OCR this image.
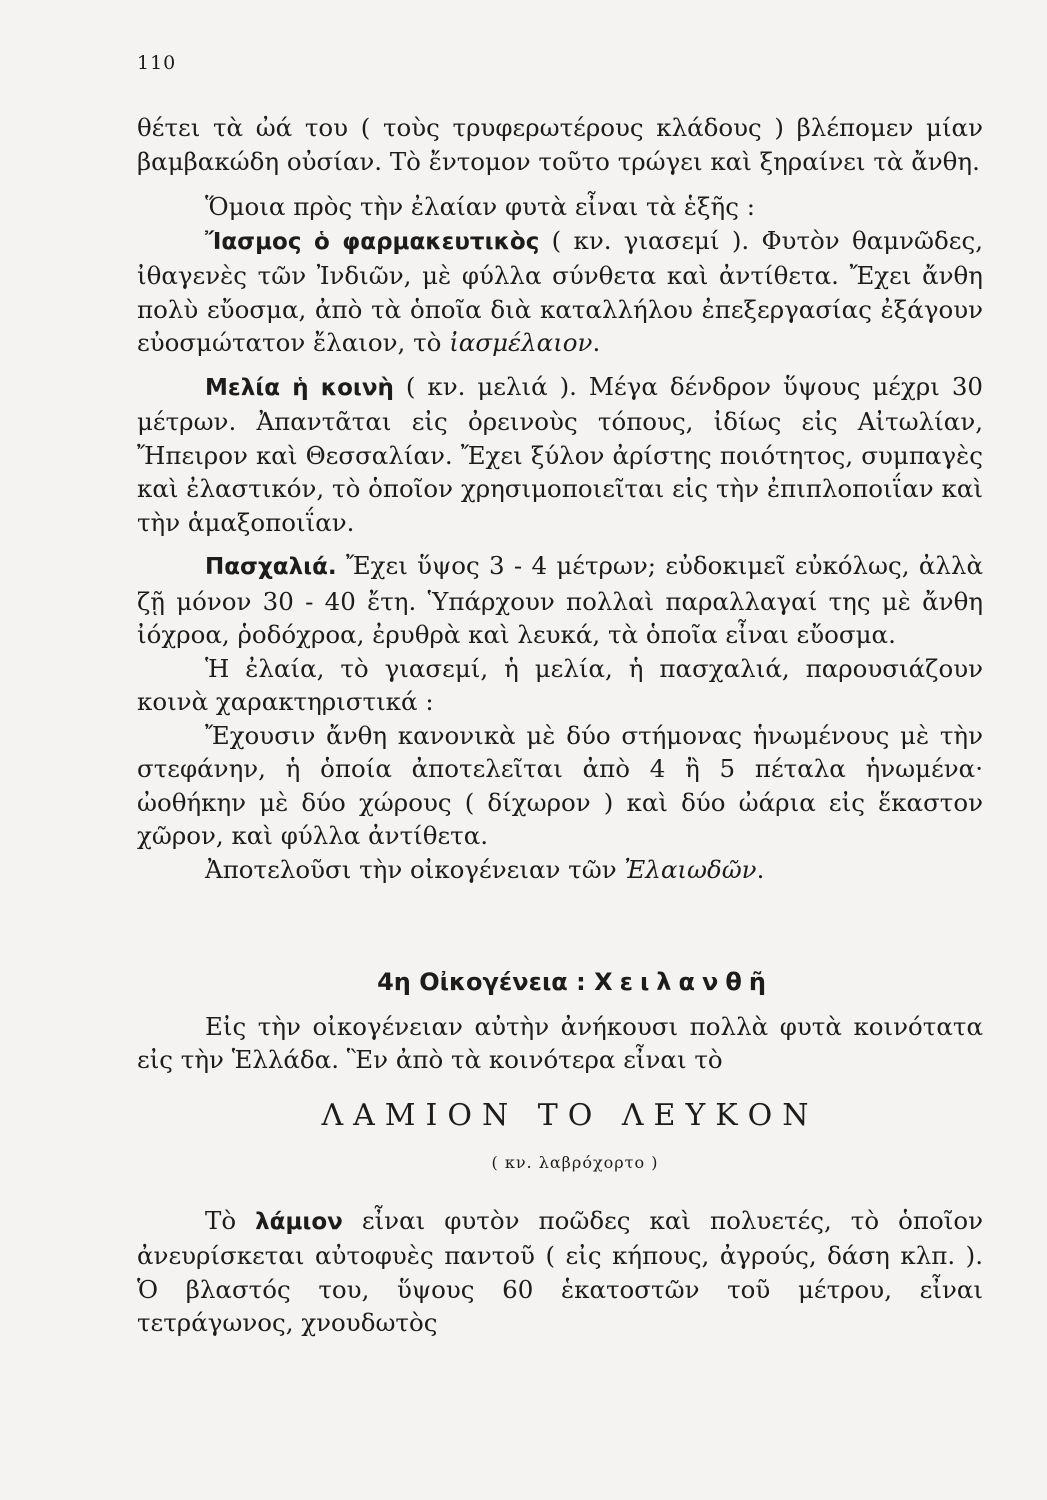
110

θέτει τὰ ὠά του ( τοὺς τρυφερωτέρους κλάδους ) βλέπομεν μίαν βαμβακώδη οὐσίαν. Τὸ ἔντομον τοῦτο τρώγει καὶ ξηραίνει τὰ ἄνθη.

Ὅμοια πρὸς τὴν ἐλαίαν φυτὰ εἶναι τὰ ἑξῆς :

Ἴασμος ὁ φαρμακευτικὸς ( κν. γιασεμί ). Φυτὸν θαμνῶδες, ἰθαγενὲς τῶν Ἰνδιῶν, μὲ φύλλα σύνθετα καὶ ἀντίθετα. Ἔχει ἄνθη πολὺ εὔοσμα, ἀπὸ τὰ ὁποῖα διὰ καταλλήλου ἐπεξεργασίας ἐξάγουν εὐοσμώτατον ἔλαιον, τὸ ἰασμέλαιον.

Μελία ἡ κοινὴ ( κν. μελιά ). Μέγα δένδρον ὕψους μέχρι 30 μέτρων. Ἀπαντᾶται εἰς ὀρεινοὺς τόπους, ἰδίως εἰς Αἰτωλίαν, Ἤπειρον καὶ Θεσσαλίαν. Ἔχει ξύλον ἀρίστης ποιότητος, συμπαγὲς καὶ ἐλαστικόν, τὸ ὁποῖον χρησιμοποιεῖται εἰς τὴν ἐπιπλοποιΐαν καὶ τὴν ἁμαξοποιΐαν.

Πασχαλιά. Ἔχει ὕψος 3 - 4 μέτρων; εὐδοκιμεῖ εὐκόλως, ἀλλὰ ζῇ μόνον 30 - 40 ἔτη. Ὑπάρχουν πολλαὶ παραλλαγαί της μὲ ἄνθη ἰόχροα, ῥοδόχροα, ἐρυθρὰ καὶ λευκά, τὰ ὁποῖα εἶναι εὔοσμα.

Ἡ ἐλαία, τὸ γιασεμί, ἡ μελία, ἡ πασχαλιά, παρουσιάζουν κοινὰ χαρακτηριστικά :

Ἔχουσιν ἄνθη κανονικὰ μὲ δύο στήμονας ἡνωμένους μὲ τὴν στεφάνην, ἡ ὁποία ἀποτελεῖται ἀπὸ 4 ἢ 5 πέταλα ἡνωμένα· ὠοθήκην μὲ δύο χώρους ( δίχωρον ) καὶ δύο ὠάρια εἰς ἕκαστον χῶρον, καὶ φύλλα ἀντίθετα.

Ἀποτελοῦσι τὴν οἰκογένειαν τῶν Ἐλαιωδῶν.

4η Οἰκογένεια : Χειλανθῆ

Εἰς τὴν οἰκογένειαν αὐτὴν ἀνήκουσι πολλὰ φυτὰ κοινότατα εἰς τὴν Ἑλλάδα. Ἓν ἀπὸ τὰ κοινότερα εἶναι τὸ

ΛΑΜΙΟΝ ΤΟ ΛΕΥΚΟΝ
( κν. λαβρόχορτο )

Τὸ λάμιον εἶναι φυτὸν ποῶδες καὶ πολυετές, τὸ ὁποῖον ἀνευρίσκεται αὐτοφυὲς παντοῦ ( εἰς κήπους, ἀγρούς, δάση κλπ. ). Ὁ βλαστός του, ὕψους 60 ἑκατοστῶν τοῦ μέτρου, εἶναι τετράγωνος, χνουδωτὸς
